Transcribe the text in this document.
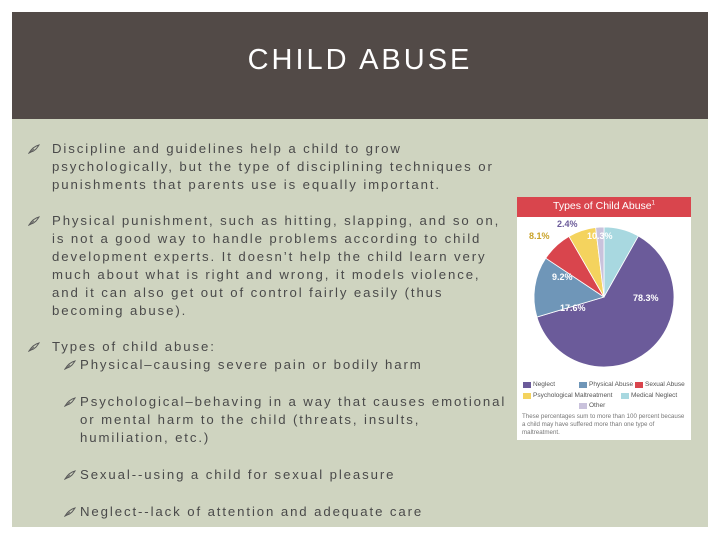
CHILD ABUSE
Discipline and guidelines help a child to grow psychologically, but the type of disciplining techniques or punishments that parents use is equally important.
Physical punishment, such as hitting, slapping, and so on, is not a good way to handle problems according to child development experts. It doesn’t help the child learn very much about what is right and wrong, it models violence, and it can also get out of control fairly easily (thus becoming abuse).
Types of child abuse:
Physical–causing severe pain or bodily harm
Psychological–behaving in a way that causes emotional or mental harm to the child (threats, insults, humiliation, etc.)
Sexual--using a child for sexual pleasure
Neglect--lack of attention and adequate care
Types of Child Abuse$^1$
2.4%
10.3%
8.1%
9.2%
17.6%
78.3%
Neglect	Physical Abuse Sexual Abuse
Psychological Maltreatment	Medical Neglect
Other
These percentages sum to more than 100 percent because a child may have suffered more than one type of maltreatment.
